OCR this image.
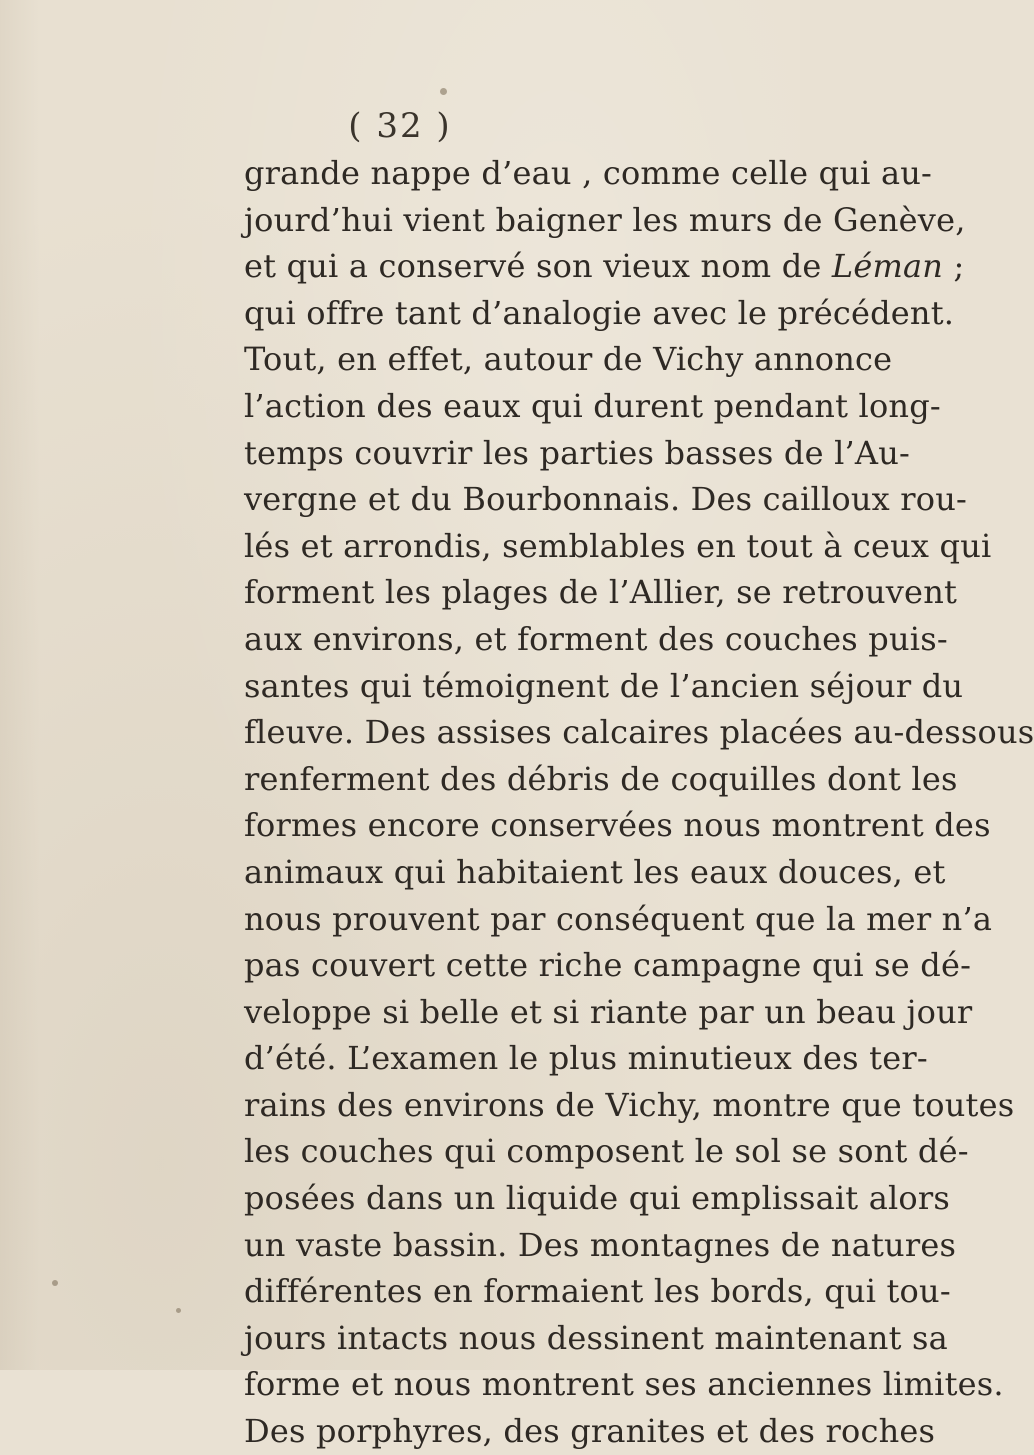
( 32 )
grande nappe d’eau , comme celle qui au-
jourd’hui vient baigner les murs de Genève,
et qui a conservé son vieux nom de Léman ;
qui offre tant d’analogie avec le précédent.
Tout, en effet, autour de Vichy annonce
l’action des eaux qui durent pendant long-
temps couvrir les parties basses de l’Au-
vergne et du Bourbonnais. Des cailloux rou-
lés et arrondis, semblables en tout à ceux qui
forment les plages de l’Allier, se retrouvent
aux environs, et forment des couches puis-
santes qui témoignent de l’ancien séjour du
fleuve. Des assises calcaires placées au-dessous
renferment des débris de coquilles dont les
formes encore conservées nous montrent des
animaux qui habitaient les eaux douces, et
nous prouvent par conséquent que la mer n’a
pas couvert cette riche campagne qui se dé-
veloppe si belle et si riante par un beau jour
d’été. L’examen le plus minutieux des ter-
rains des environs de Vichy, montre que toutes
les couches qui composent le sol se sont dé-
posées dans un liquide qui emplissait alors
un vaste bassin. Des montagnes de natures
différentes en formaient les bords, qui tou-
jours intacts nous dessinent maintenant sa
forme et nous montrent ses anciennes limites.
Des porphyres, des granites et des roches
